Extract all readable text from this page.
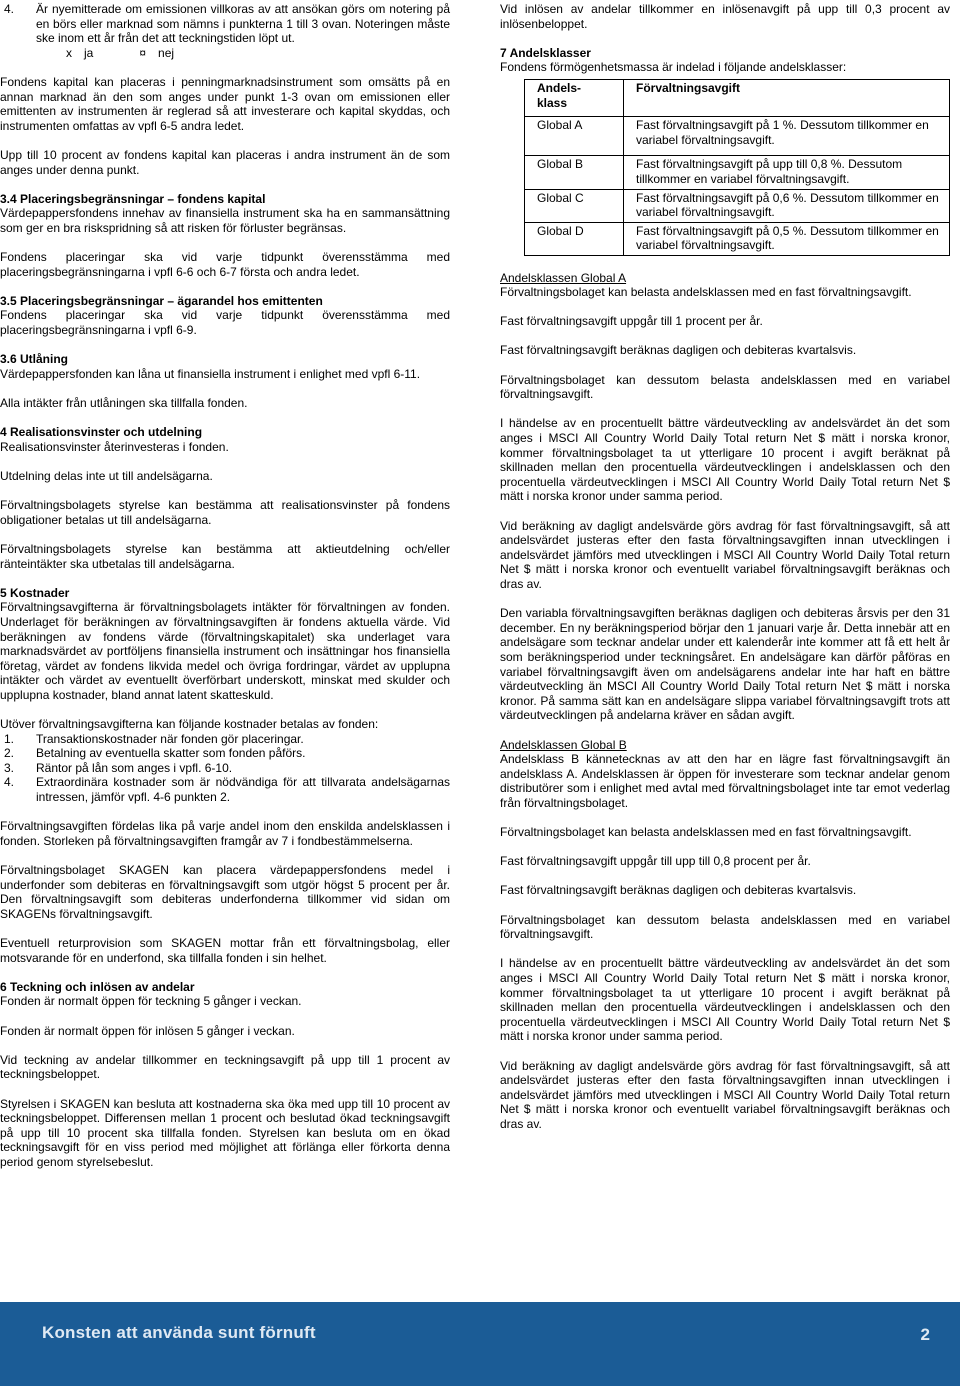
4.	Är nyemitterade om emissionen villkoras av att ansökan görs om notering på en börs eller marknad som nämns i punkterna 1 till 3 ovan. Noteringen måste ske inom ett år från det att teckningstiden löpt ut.
x ja	¤ nej

Fondens kapital kan placeras i penningmarknadsinstrument som omsätts på en annan marknad än den som anges under punkt 1-3 ovan om emissionen eller emittenten av instrumenten är reglerad så att investerare och kapital skyddas, och instrumenten omfattas av vpfl 6-5 andra ledet.

Upp till 10 procent av fondens kapital kan placeras i andra instrument än de som anges under denna punkt.

3.4 Placeringsbegränsningar – fondens kapital

Värdepappersfondens innehav av finansiella instrument ska ha en sammansättning som ger en bra riskspridning så att risken för förluster begränsas.

Fondens placeringar ska vid varje tidpunkt överensstämma med placeringsbegränsningarna i vpfl 6-6 och 6-7 första och andra ledet.

3.5 Placeringsbegränsningar – ägarandel hos emittenten

Fondens placeringar ska vid varje tidpunkt överensstämma med placeringsbegränsningarna i vpfl 6-9.

3.6 Utlåning

Värdepappersfonden kan låna ut finansiella instrument i enlighet med vpfl 6-11.

Alla intäkter från utlåningen ska tillfalla fonden.

4 Realisationsvinster och utdelning

Realisationsvinster återinvesteras i fonden.

Utdelning delas inte ut till andelsägarna.

Förvaltningsbolagets styrelse kan bestämma att realisationsvinster på fondens obligationer betalas ut till andelsägarna.

Förvaltningsbolagets styrelse kan bestämma att aktieutdelning och/eller ränteintäkter ska utbetalas till andelsägarna.

5 Kostnader

Förvaltningsavgifterna är förvaltningsbolagets intäkter för förvaltningen av fonden. Underlaget för beräkningen av förvaltningsavgiften är fondens aktuella värde. Vid beräkningen av fondens värde (förvaltningskapitalet) ska underlaget vara marknadsvärdet av portföljens finansiella instrument och insättningar hos finansiella företag, värdet av fondens likvida medel och övriga fordringar, värdet av upplupna intäkter och värdet av eventuellt överförbart underskott, minskat med skulder och upplupna kostnader, bland annat latent skatteskuld.

Utöver förvaltningsavgifterna kan följande kostnader betalas av fonden:

1.	Transaktionskostnader när fonden gör placeringar.
2.	Betalning av eventuella skatter som fonden påförs.
3.	Räntor på lån som anges i vpfl. 6-10.
4.	Extraordinära kostnader som är nödvändiga för att tillvarata andelsägarnas intressen, jämför vpfl. 4-6 punkten 2.

Förvaltningsavgiften fördelas lika på varje andel inom den enskilda andelsklassen i fonden. Storleken på förvaltningsavgiften framgår av 7 i fondbestämmelserna.

Förvaltningsbolaget SKAGEN kan placera värdepappersfondens medel i underfonder som debiteras en förvaltningsavgift som utgör högst 5 procent per år. Den förvaltningsavgift som debiteras underfonderna tillkommer vid sidan om SKAGENs förvaltningsavgift.

Eventuell returprovision som SKAGEN mottar från ett förvaltningsbolag, eller motsvarande för en underfond, ska tillfalla fonden i sin helhet.

6 Teckning och inlösen av andelar

Fonden är normalt öppen för teckning 5 gånger i veckan.

Fonden är normalt öppen för inlösen 5 gånger i veckan.

Vid teckning av andelar tillkommer en teckningsavgift på upp till 1 procent av teckningsbeloppet.

Styrelsen i SKAGEN kan besluta att kostnaderna ska öka med upp till 10 procent av teckningsbeloppet. Differensen mellan 1 procent och beslutad ökad teckningsavgift på upp till 10 procent ska tillfalla fonden. Styrelsen kan besluta om en ökad teckningsavgift för en viss period med möjlighet att förlänga eller förkorta denna period genom styrelsebeslut.

Vid inlösen av andelar tillkommer en inlösenavgift på upp till 0,3 procent av inlösenbeloppet.

7 Andelsklasser

Fondens förmögenhetsmassa är indelad i följande andelsklasser:

Andels-
klass	Förvaltningsavgift
Global A	Fast förvaltningsavgift på 1 %. Dessutom tillkommer en variabel förvaltningsavgift.
Global B	Fast förvaltningsavgift på upp till 0,8 %. Dessutom tillkommer en variabel förvaltningsavgift.
Global C	Fast förvaltningsavgift på 0,6 %. Dessutom tillkommer en variabel förvaltningsavgift.
Global D	Fast förvaltningsavgift på 0,5 %. Dessutom tillkommer en variabel förvaltningsavgift.

Andelsklassen Global A

Förvaltningsbolaget kan belasta andelsklassen med en fast förvaltningsavgift.

Fast förvaltningsavgift uppgår till 1 procent per år.

Fast förvaltningsavgift beräknas dagligen och debiteras kvartalsvis.

Förvaltningsbolaget kan dessutom belasta andelsklassen med en variabel förvaltningsavgift.

I händelse av en procentuellt bättre värdeutveckling av andelsvärdet än det som anges i MSCI All Country World Daily Total return Net $ mätt i norska kronor, kommer förvaltningsbolaget ta ut ytterligare 10 procent i avgift beräknat på skillnaden mellan den procentuella värdeutvecklingen i andelsklassen och den procentuella värdeutvecklingen i MSCI All Country World Daily Total return Net $ mätt i norska kronor under samma period.

Vid beräkning av dagligt andelsvärde görs avdrag för fast förvaltningsavgift, så att andelsvärdet justeras efter den fasta förvaltningsavgiften innan utvecklingen i andelsvärdet jämförs med utvecklingen i MSCI All Country World Daily Total return Net $ mätt i norska kronor och eventuellt variabel förvaltningsavgift beräknas och dras av.

Den variabla förvaltningsavgiften beräknas dagligen och debiteras årsvis per den 31 december. En ny beräkningsperiod börjar den 1 januari varje år. Detta innebär att en andelsägare som tecknar andelar under ett kalenderår inte kommer att få ett helt år som beräkningsperiod under teckningsåret. En andelsägare kan därför påföras en variabel förvaltningsavgift även om andelsägarens andelar inte har haft en bättre värdeutveckling än MSCI All Country World Daily Total return Net $ mätt i norska kronor. På samma sätt kan en andelsägare slippa variabel förvaltningsavgift trots att värdeutvecklingen på andelarna kräver en sådan avgift.

Andelsklassen Global B

Andelsklass B kännetecknas av att den har en lägre fast förvaltningsavgift än andelsklass A. Andelsklassen är öppen för investerare som tecknar andelar genom distributörer som i enlighet med avtal med förvaltningsbolaget inte tar emot vederlag från förvaltningsbolaget.

Förvaltningsbolaget kan belasta andelsklassen med en fast förvaltningsavgift.

Fast förvaltningsavgift uppgår till upp till 0,8 procent per år.

Fast förvaltningsavgift beräknas dagligen och debiteras kvartalsvis.

Förvaltningsbolaget kan dessutom belasta andelsklassen med en variabel förvaltningsavgift.

I händelse av en procentuellt bättre värdeutveckling av andelsvärdet än det som anges i MSCI All Country World Daily Total return Net $ mätt i norska kronor, kommer förvaltningsbolaget ta ut ytterligare 10 procent i avgift beräknat på skillnaden mellan den procentuella värdeutvecklingen i andelsklassen och den procentuella värdeutvecklingen i MSCI All Country World Daily Total return Net $ mätt i norska kronor under samma period.

Vid beräkning av dagligt andelsvärde görs avdrag för fast förvaltningsavgift, så att andelsvärdet justeras efter den fasta förvaltningsavgiften innan utvecklingen i andelsvärdet jämförs med utvecklingen i MSCI All Country World Daily Total return Net $ mätt i norska kronor och eventuellt variabel förvaltningsavgift beräknas och dras av.

Konsten att använda sunt förnuft	2
